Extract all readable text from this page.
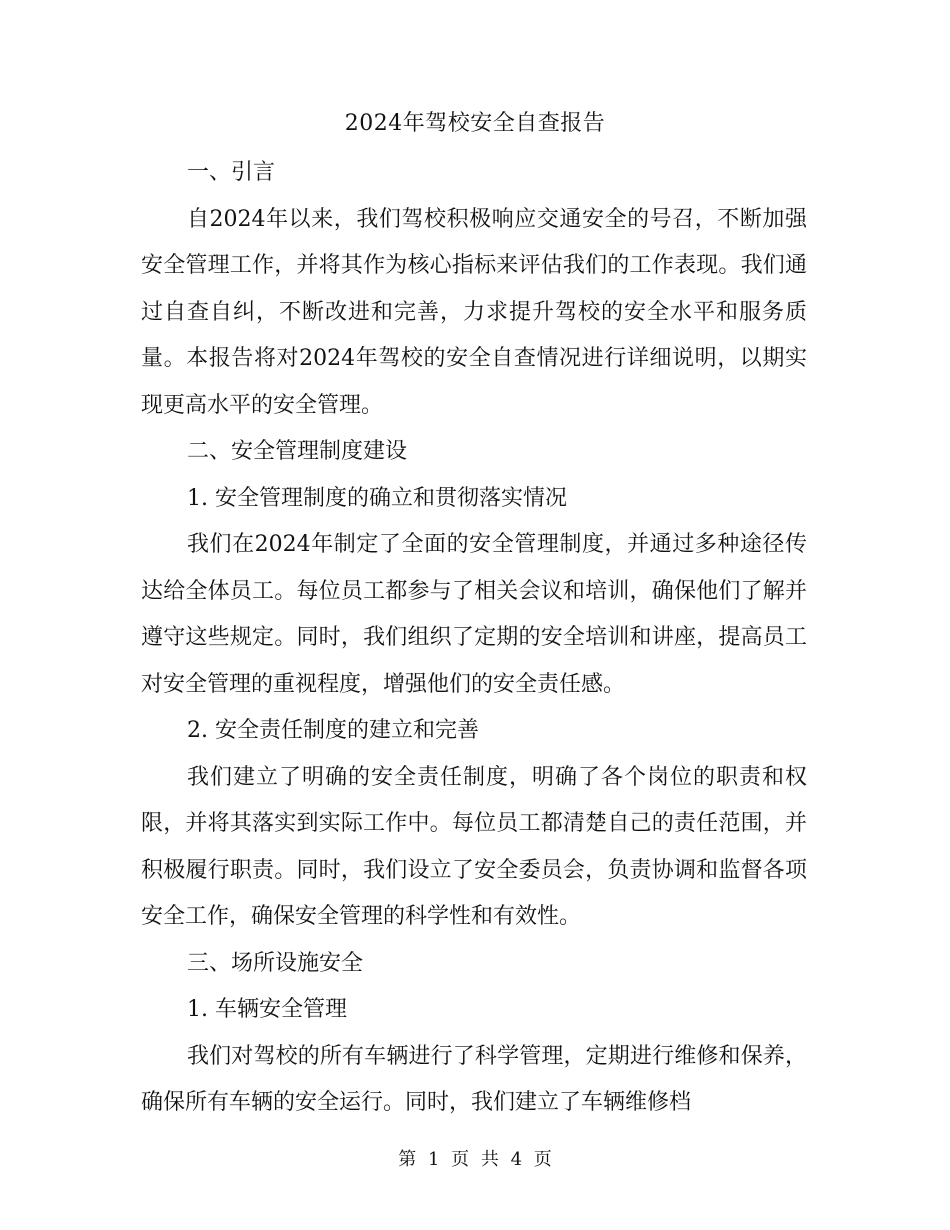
2024年驾校安全自查报告

一、引言

自2024年以来，我们驾校积极响应交通安全的号召，不断加强安全管理工作，并将其作为核心指标来评估我们的工作表现。我们通过自查自纠，不断改进和完善，力求提升驾校的安全水平和服务质量。本报告将对2024年驾校的安全自查情况进行详细说明，以期实现更高水平的安全管理。

二、安全管理制度建设

1. 安全管理制度的确立和贯彻落实情况

我们在2024年制定了全面的安全管理制度，并通过多种途径传达给全体员工。每位员工都参与了相关会议和培训，确保他们了解并遵守这些规定。同时，我们组织了定期的安全培训和讲座，提高员工对安全管理的重视程度，增强他们的安全责任感。

2. 安全责任制度的建立和完善

我们建立了明确的安全责任制度，明确了各个岗位的职责和权限，并将其落实到实际工作中。每位员工都清楚自己的责任范围，并积极履行职责。同时，我们设立了安全委员会，负责协调和监督各项安全工作，确保安全管理的科学性和有效性。

三、场所设施安全

1. 车辆安全管理

我们对驾校的所有车辆进行了科学管理，定期进行维修和保养，确保所有车辆的安全运行。同时，我们建立了车辆维修档

第 1 页 共 4 页
